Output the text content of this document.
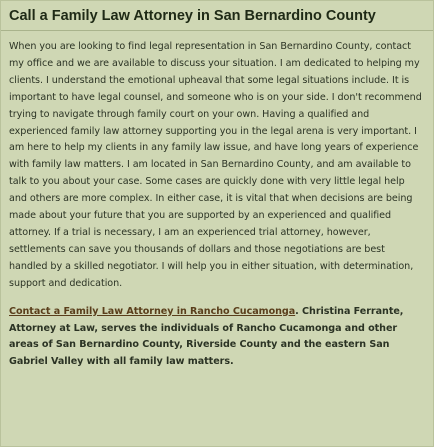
Call a Family Law Attorney in San Bernardino County

When you are looking to find legal representation in San Bernardino County, contact my office and we are available to discuss your situation. I am dedicated to helping my clients. I understand the emotional upheaval that some legal situations include. It is important to have legal counsel, and someone who is on your side. I don't recommend trying to navigate through family court on your own. Having a qualified and experienced family law attorney supporting you in the legal arena is very important. I am here to help my clients in any family law issue, and have long years of experience with family law matters. I am located in San Bernardino County, and am available to talk to you about your case. Some cases are quickly done with very little legal help and others are more complex. In either case, it is vital that when decisions are being made about your future that you are supported by an experienced and qualified attorney. If a trial is necessary, I am an experienced trial attorney, however, settlements can save you thousands of dollars and those negotiations are best handled by a skilled negotiator. I will help you in either situation, with determination, support and dedication.

Contact a Family Law Attorney in Rancho Cucamonga. Christina Ferrante, Attorney at Law, serves the individuals of Rancho Cucamonga and other areas of San Bernardino County, Riverside County and the eastern San Gabriel Valley with all family law matters.
